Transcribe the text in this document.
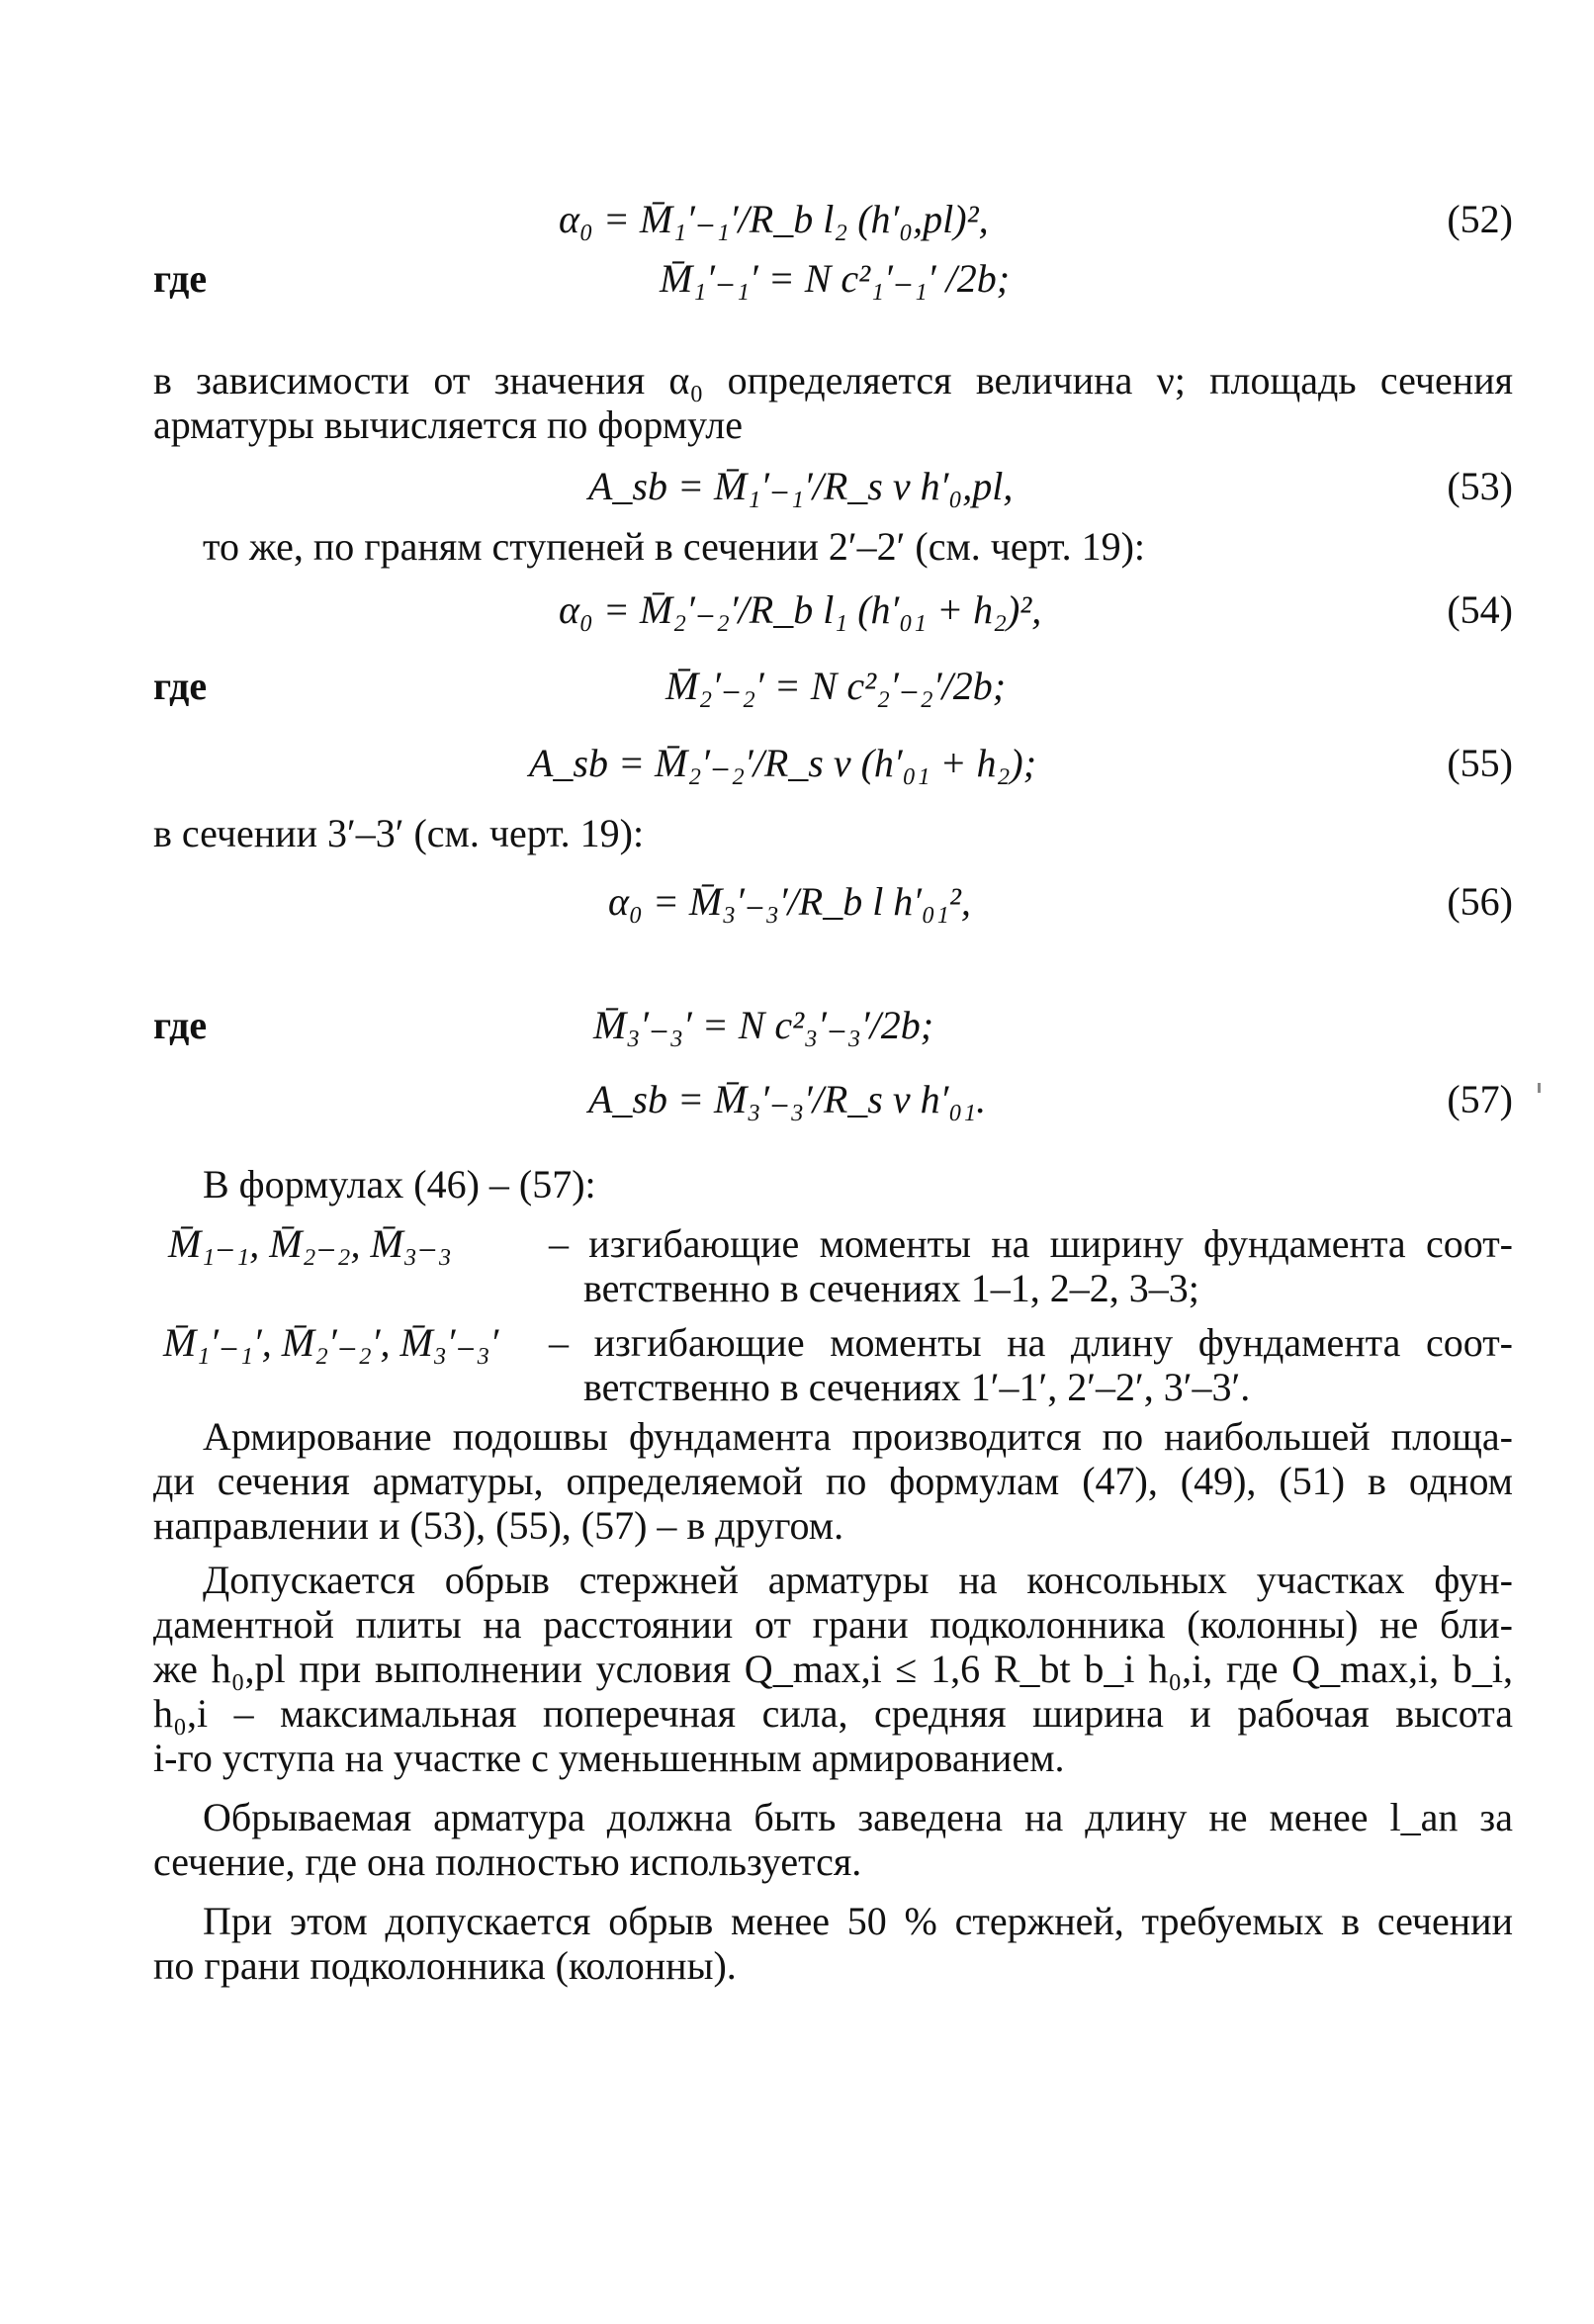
α₀ = M̄₁′₋₁′/R_b l₂ (h′₀,pl)²,	(52)
где	M̄₁′₋₁′ = N c²₁′₋₁′ /2b;
в зависимости от значения α₀ определяется величина ν; площадь сечения
арматуры вычисляется по формуле
A_sb = M̄₁′₋₁′/R_s ν h′₀,pl,	(53)
то же, по граням ступеней в сечении 2′–2′ (см. черт. 19):
α₀ = M̄₂′₋₂′/R_b l₁ (h′₀₁ + h₂)²,	(54)
где	M̄₂′₋₂′ = N c²₂′₋₂′/2b;
A_sb = M̄₂′₋₂′/R_s ν (h′₀₁ + h₂);	(55)
в сечении 3′–3′ (см. черт. 19):
α₀ = M̄₃′₋₃′/R_b l h′₀₁²,	(56)
где	M̄₃′₋₃′ = N c²₃′₋₃′/2b;
A_sb = M̄₃′₋₃′/R_s ν h′₀₁.	(57)
В формулах (46) – (57):
M̄₁₋₁, M̄₂₋₂, M̄₃₋₃ – изгибающие моменты на ширину фундамента соот-
ветственно в сечениях 1–1, 2–2, 3–3;
M̄₁′₋₁′, M̄₂′₋₂′, M̄₃′₋₃′ – изгибающие моменты на длину фундамента соот-
ветственно в сечениях 1′–1′, 2′–2′, 3′–3′.
Армирование подошвы фундамента производится по наибольшей площа-
ди сечения арматуры, определяемой по формулам (47), (49), (51) в одном
направлении и (53), (55), (57) – в другом.
Допускается обрыв стержней арматуры на консольных участках фун-
даментной плиты на расстоянии от грани подколонника (колонны) не бли-
же h₀,pl при выполнении условия Q_max,i ≤ 1,6 R_bt b_i h₀,i, где Q_max,i, b_i,
h₀,i – максимальная поперечная сила, средняя ширина и рабочая высота
i-го уступа на участке с уменьшенным армированием.
Обрываемая арматура должна быть заведена на длину не менее l_an за
сечение, где она полностью используется.
При этом допускается обрыв менее 50 % стержней, требуемых в сечении
по грани подколонника (колонны).
